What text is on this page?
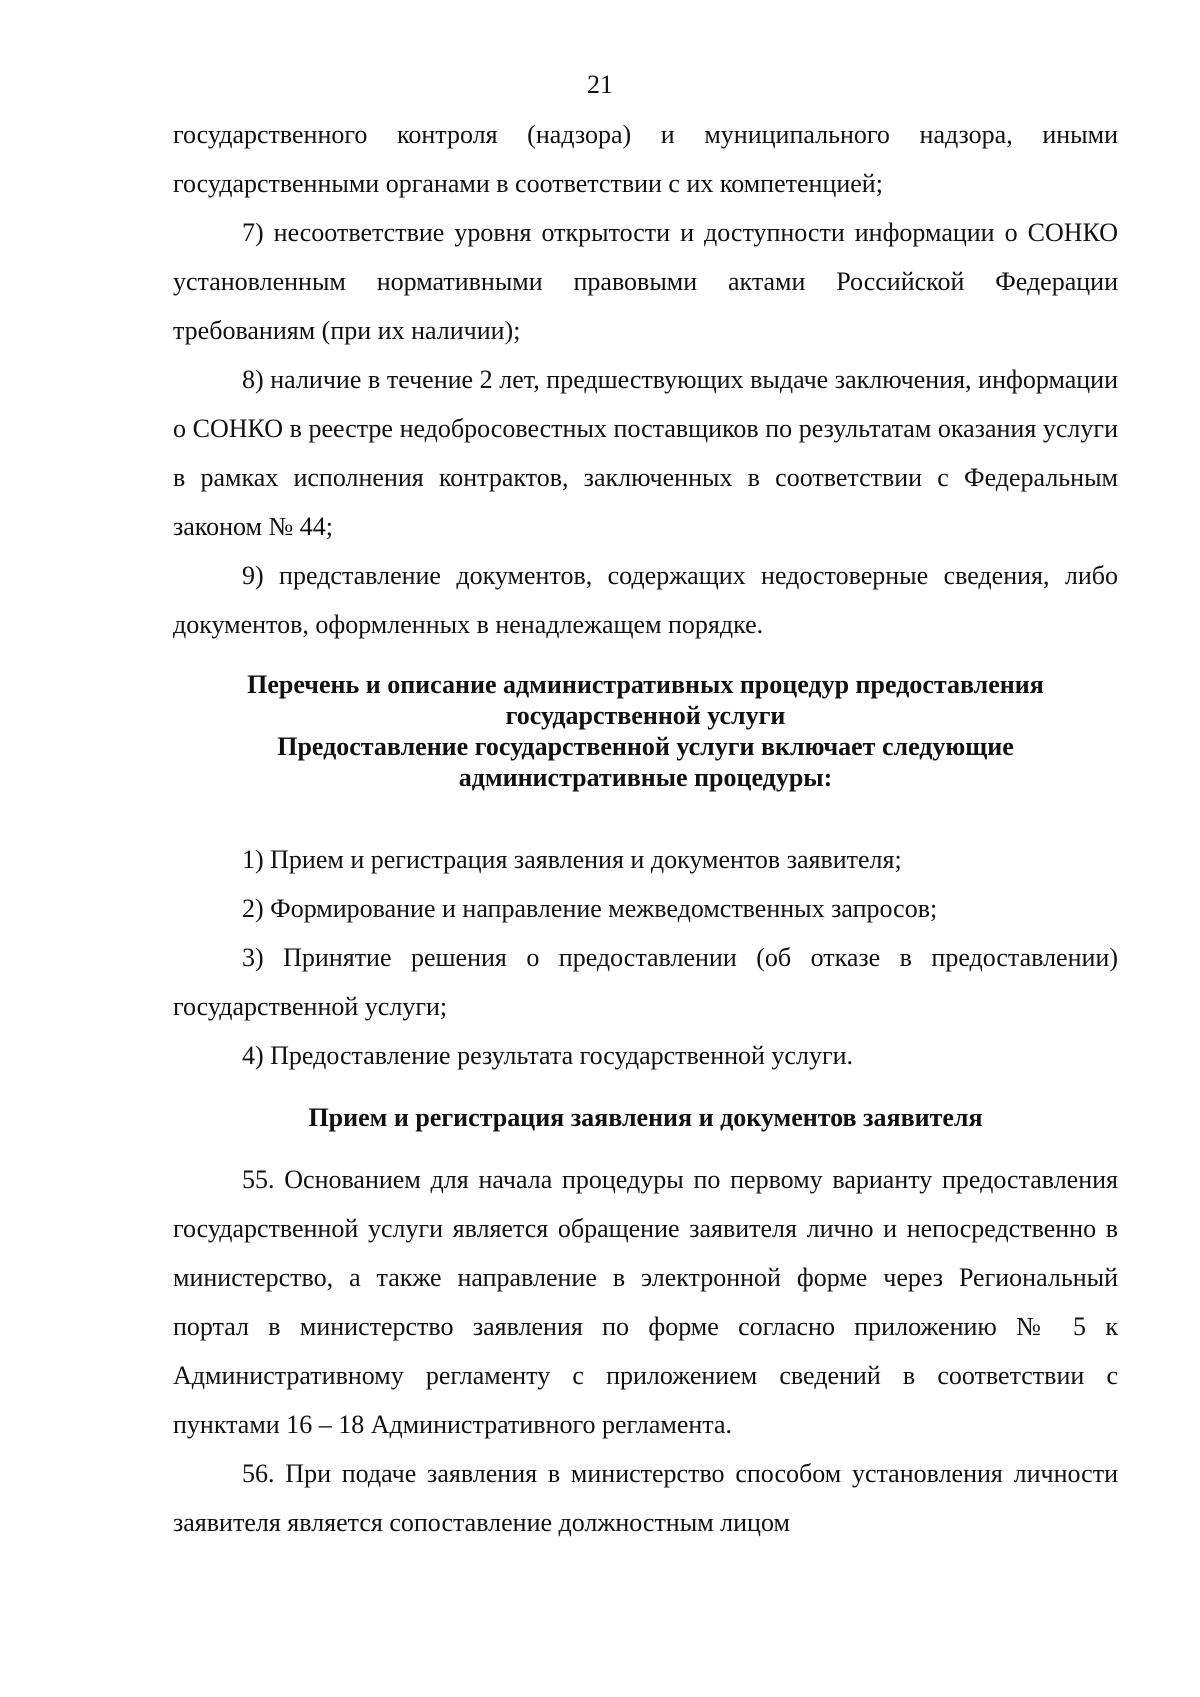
21

государственного контроля (надзора) и муниципального надзора, иными государственными органами в соответствии с их компетенцией;

7) несоответствие уровня открытости и доступности информации о СОНКО установленным нормативными правовыми актами Российской Федерации требованиям (при их наличии);

8) наличие в течение 2 лет, предшествующих выдаче заключения, информации о СОНКО в реестре недобросовестных поставщиков по результатам оказания услуги в рамках исполнения контрактов, заключенных в соответствии с Федеральным законом № 44;

9) представление документов, содержащих недостоверные сведения, либо документов, оформленных в ненадлежащем порядке.

Перечень и описание административных процедур предоставления

государственной услуги

Предоставление государственной услуги включает следующие

административные процедуры:

1) Прием и регистрация заявления и документов заявителя;

2) Формирование и направление межведомственных запросов;

3) Принятие решения о предоставлении (об отказе в предоставлении) государственной услуги;

4) Предоставление результата государственной услуги.

Прием и регистрация заявления и документов заявителя

55. Основанием для начала процедуры по первому варианту предоставления государственной услуги является обращение заявителя лично и непосредственно в министерство, а также направление в электронной форме через Региональный портал в министерство заявления по форме согласно приложению № 5 к Административному регламенту с приложением сведений в соответствии с пунктами 16 – 18 Административного регламента.

56. При подаче заявления в министерство способом установления личности заявителя является сопоставление должностным лицом
